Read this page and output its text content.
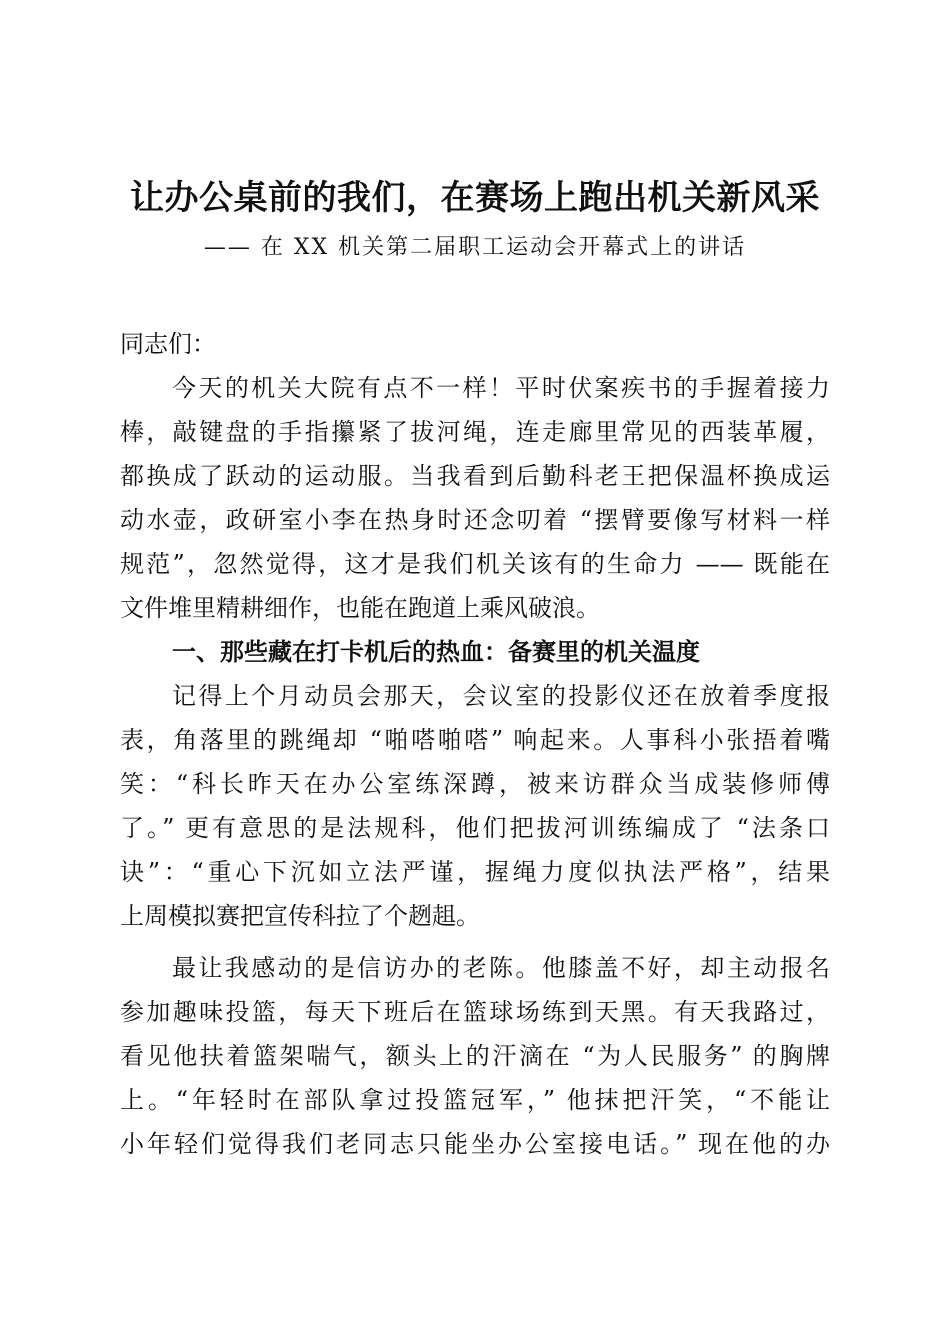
让办公桌前的我们，在赛场上跑出机关新风采
—— 在 XX 机关第二届职工运动会开幕式上的讲话
同志们：
今天的机关大院有点不一样！平时伏案疾书的手握着接力
棒，敲键盘的手指攥紧了拔河绳，连走廊里常见的西装革履，
都换成了跃动的运动服。当我看到后勤科老王把保温杯换成运
动水壶，政研室小李在热身时还念叨着 “摆臂要像写材料一样
规范”，忽然觉得，这才是我们机关该有的生命力 —— 既能在
文件堆里精耕细作，也能在跑道上乘风破浪。
一、那些藏在打卡机后的热血：备赛里的机关温度
记得上个月动员会那天，会议室的投影仪还在放着季度报
表，角落里的跳绳却 “啪嗒啪嗒” 响起来。人事科小张捂着嘴
笑：“科长昨天在办公室练深蹲，被来访群众当成装修师傅
了。” 更有意思的是法规科，他们把拔河训练编成了 “法条口
诀”：“重心下沉如立法严谨，握绳力度似执法严格”，结果
上周模拟赛把宣传科拉了个趔趄。
最让我感动的是信访办的老陈。他膝盖不好，却主动报名
参加趣味投篮，每天下班后在篮球场练到天黑。有天我路过，
看见他扶着篮架喘气，额头上的汗滴在 “为人民服务” 的胸牌
上。“年轻时在部队拿过投篮冠军，” 他抹把汗笑，“不能让
小年轻们觉得我们老同志只能坐办公室接电话。” 现在他的办
